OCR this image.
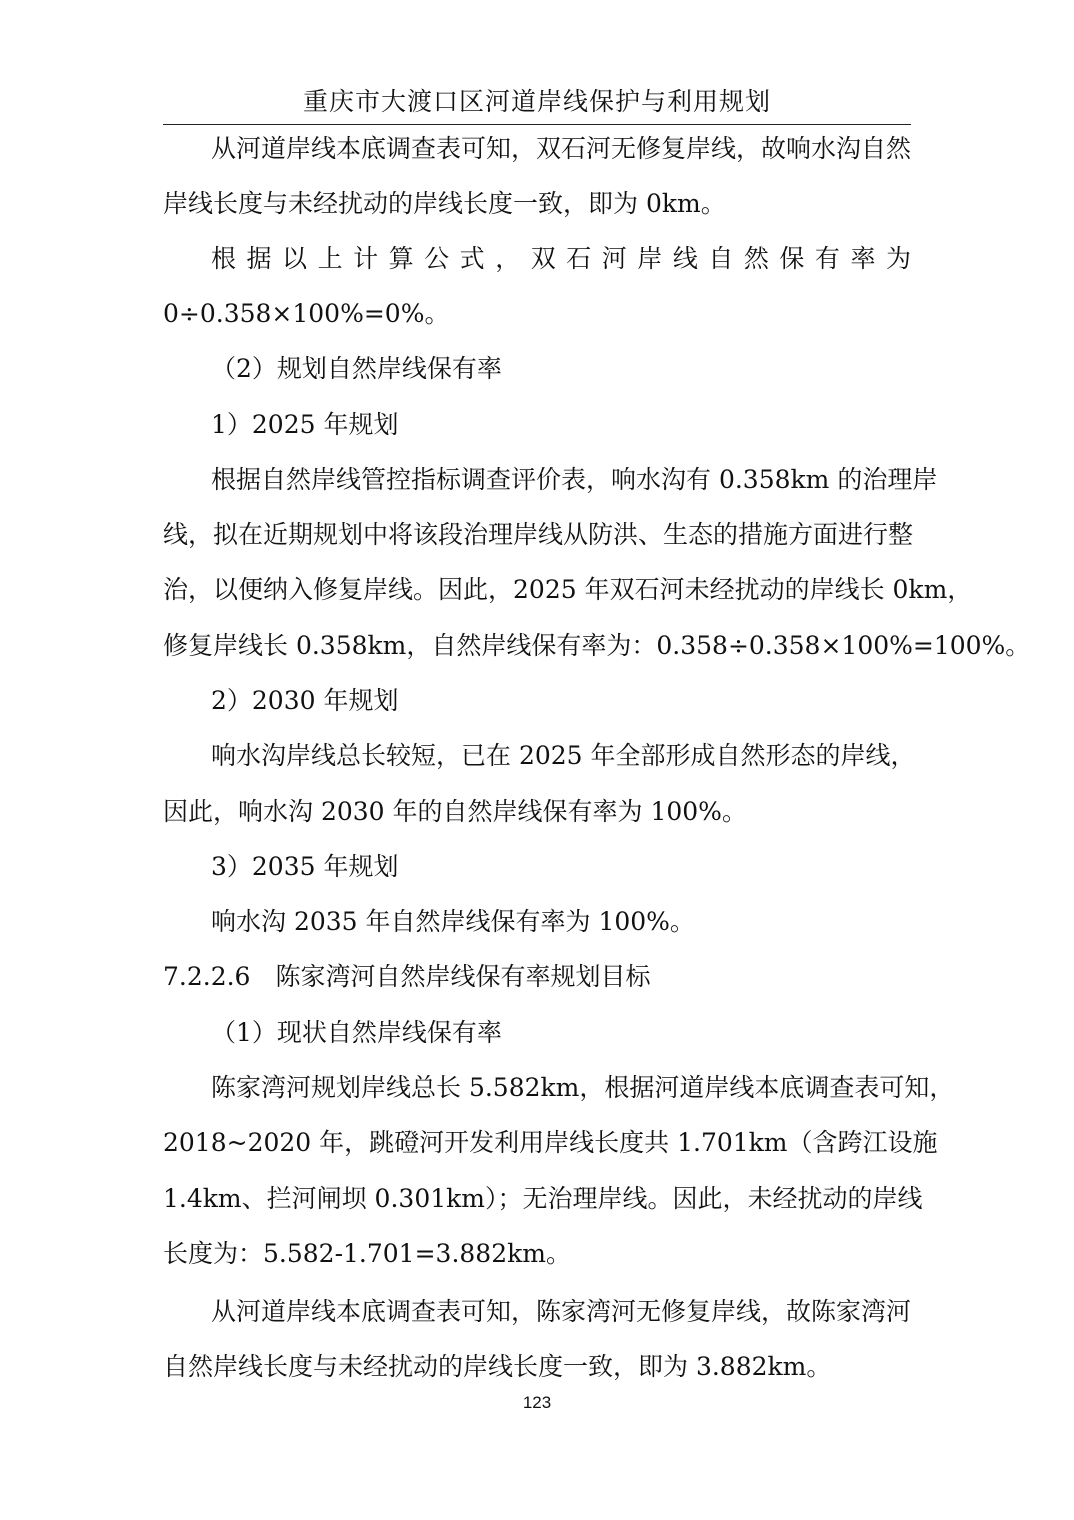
重庆市大渡口区河道岸线保护与利用规划
从河道岸线本底调查表可知，双石河无修复岸线，故响水沟自然
岸线长度与未经扰动的岸线长度一致，即为 0km。
根据以上计算公式，双石河岸线自然保有率为
0÷0.358×100%=0%。
（2）规划自然岸线保有率
1）2025 年规划
根据自然岸线管控指标调查评价表，响水沟有 0.358km 的治理岸
线，拟在近期规划中将该段治理岸线从防洪、生态的措施方面进行整
治，以便纳入修复岸线。因此，2025 年双石河未经扰动的岸线长 0km，
修复岸线长 0.358km，自然岸线保有率为：0.358÷0.358×100%=100%。
2）2030 年规划
响水沟岸线总长较短，已在 2025 年全部形成自然形态的岸线，
因此，响水沟 2030 年的自然岸线保有率为 100%。
3）2035 年规划
响水沟 2035 年自然岸线保有率为 100%。
7.2.2.6　陈家湾河自然岸线保有率规划目标
（1）现状自然岸线保有率
陈家湾河规划岸线总长 5.582km，根据河道岸线本底调查表可知，
2018~2020 年，跳磴河开发利用岸线长度共 1.701km（含跨江设施
1.4km、拦河闸坝 0.301km）；无治理岸线。因此，未经扰动的岸线
长度为：5.582-1.701=3.882km。
从河道岸线本底调查表可知，陈家湾河无修复岸线，故陈家湾河
自然岸线长度与未经扰动的岸线长度一致，即为 3.882km。
123
